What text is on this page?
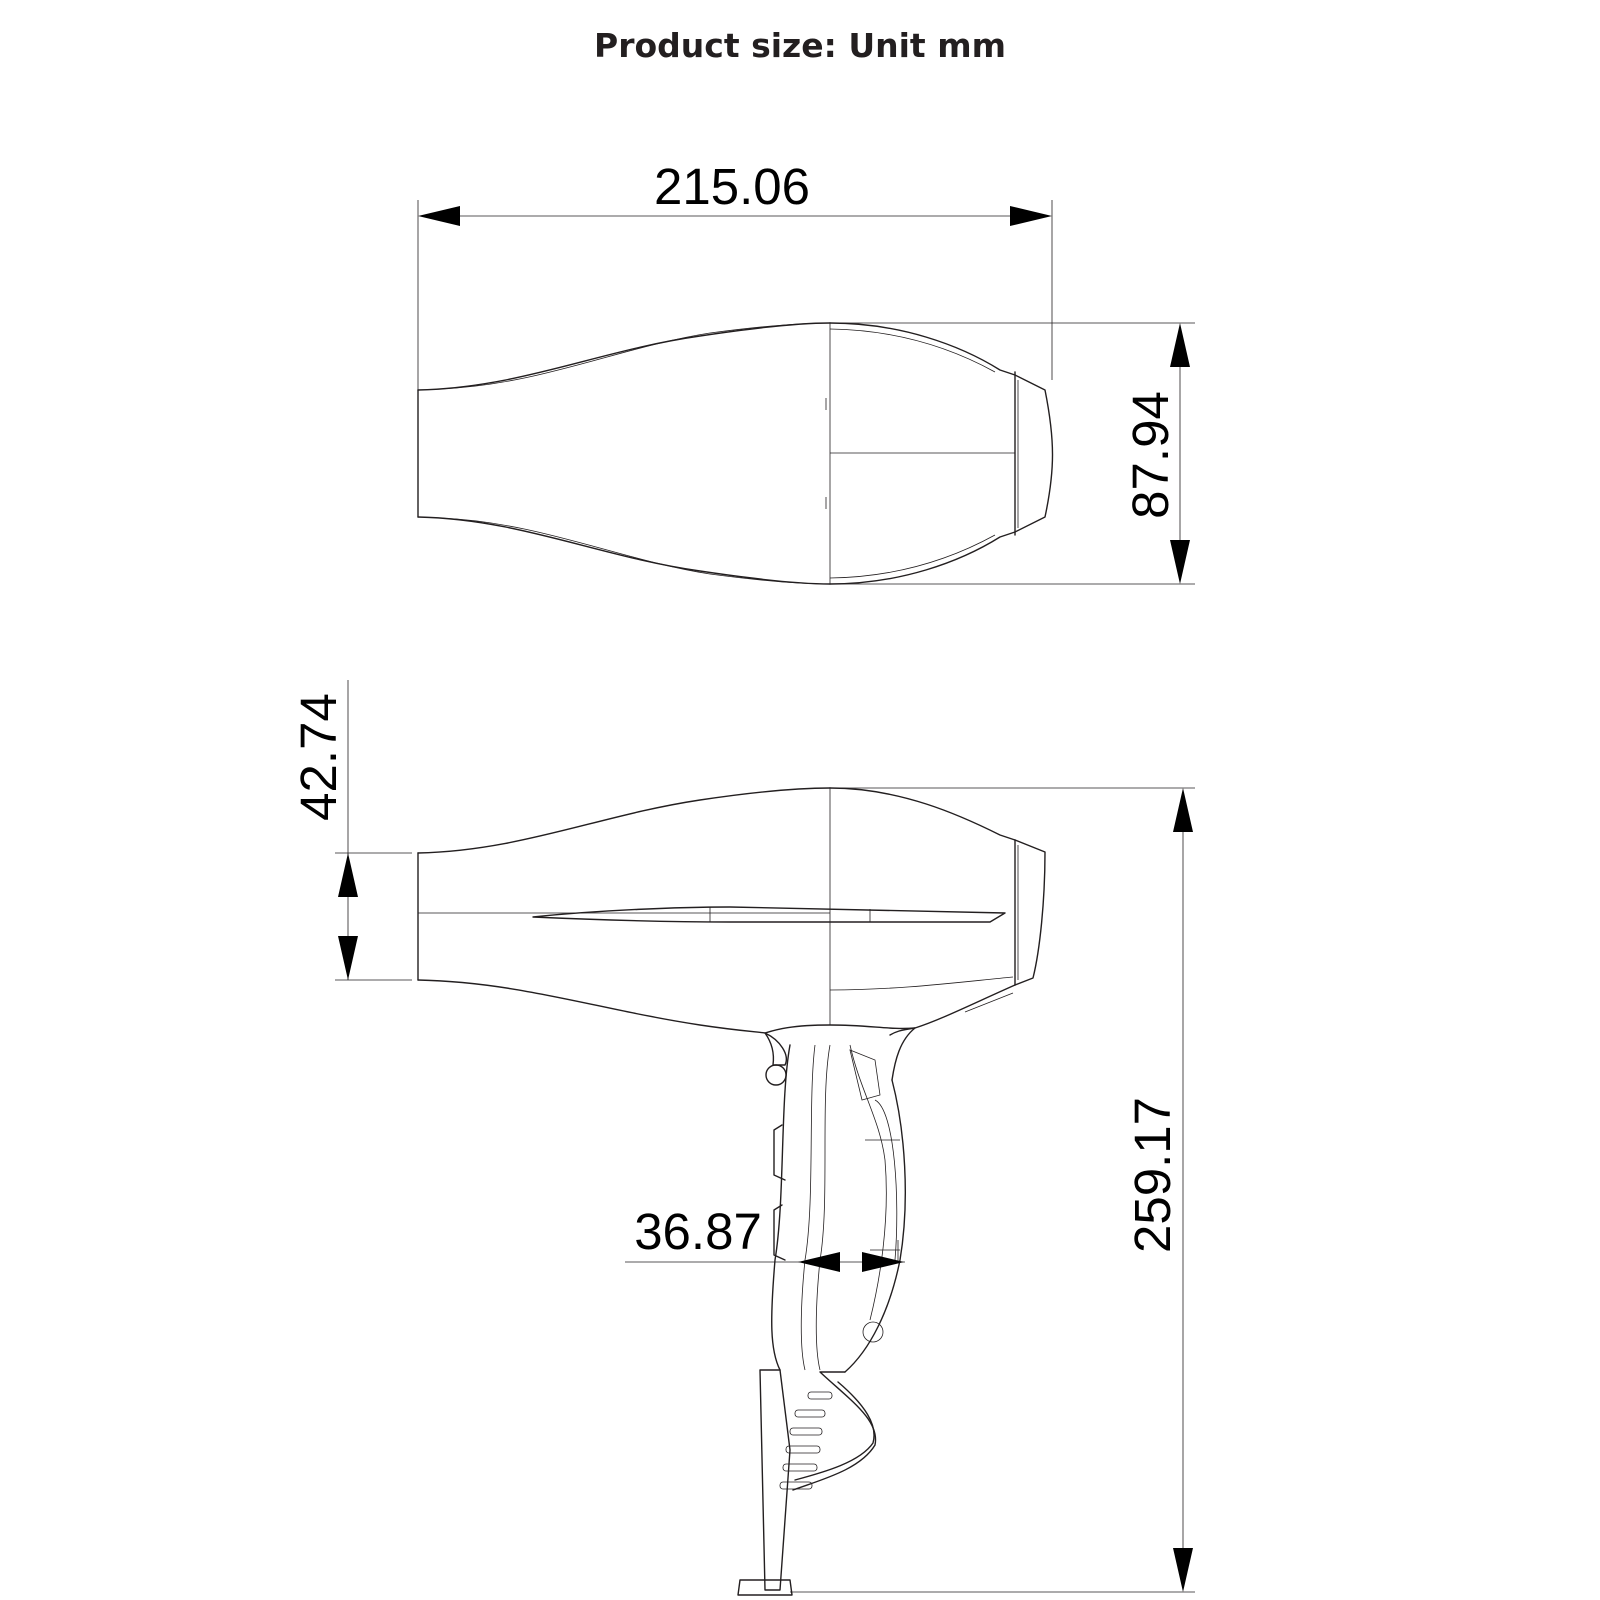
Product size: Unit mm
215.06
87.94
42.74
36.87	259.17
